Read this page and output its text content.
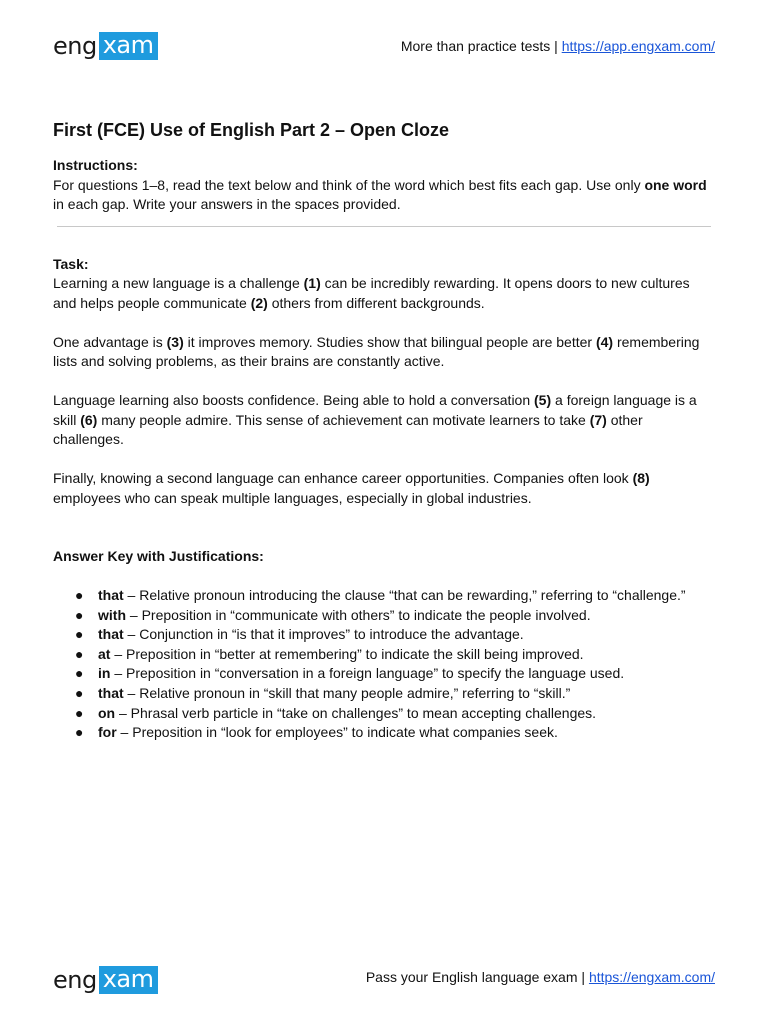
eng xam	More than practice tests | https://app.engxam.com/
First (FCE) Use of English Part 2 – Open Cloze
Instructions:
For questions 1–8, read the text below and think of the word which best fits each gap. Use only one word in each gap. Write your answers in the spaces provided.
Task:
Learning a new language is a challenge (1) can be incredibly rewarding. It opens doors to new cultures and helps people communicate (2) others from different backgrounds.
One advantage is (3) it improves memory. Studies show that bilingual people are better (4) remembering lists and solving problems, as their brains are constantly active.
Language learning also boosts confidence. Being able to hold a conversation (5) a foreign language is a skill (6) many people admire. This sense of achievement can motivate learners to take (7) other challenges.
Finally, knowing a second language can enhance career opportunities. Companies often look (8) employees who can speak multiple languages, especially in global industries.
Answer Key with Justifications:
● that – Relative pronoun introducing the clause “that can be rewarding,” referring to “challenge.”
● with – Preposition in “communicate with others” to indicate the people involved.
● that – Conjunction in “is that it improves” to introduce the advantage.
● at – Preposition in “better at remembering” to indicate the skill being improved.
● in – Preposition in “conversation in a foreign language” to specify the language used.
● that – Relative pronoun in “skill that many people admire,” referring to “skill.”
● on – Phrasal verb particle in “take on challenges” to mean accepting challenges.
● for – Preposition in “look for employees” to indicate what companies seek.
eng xam	Pass your English language exam | https://engxam.com/
